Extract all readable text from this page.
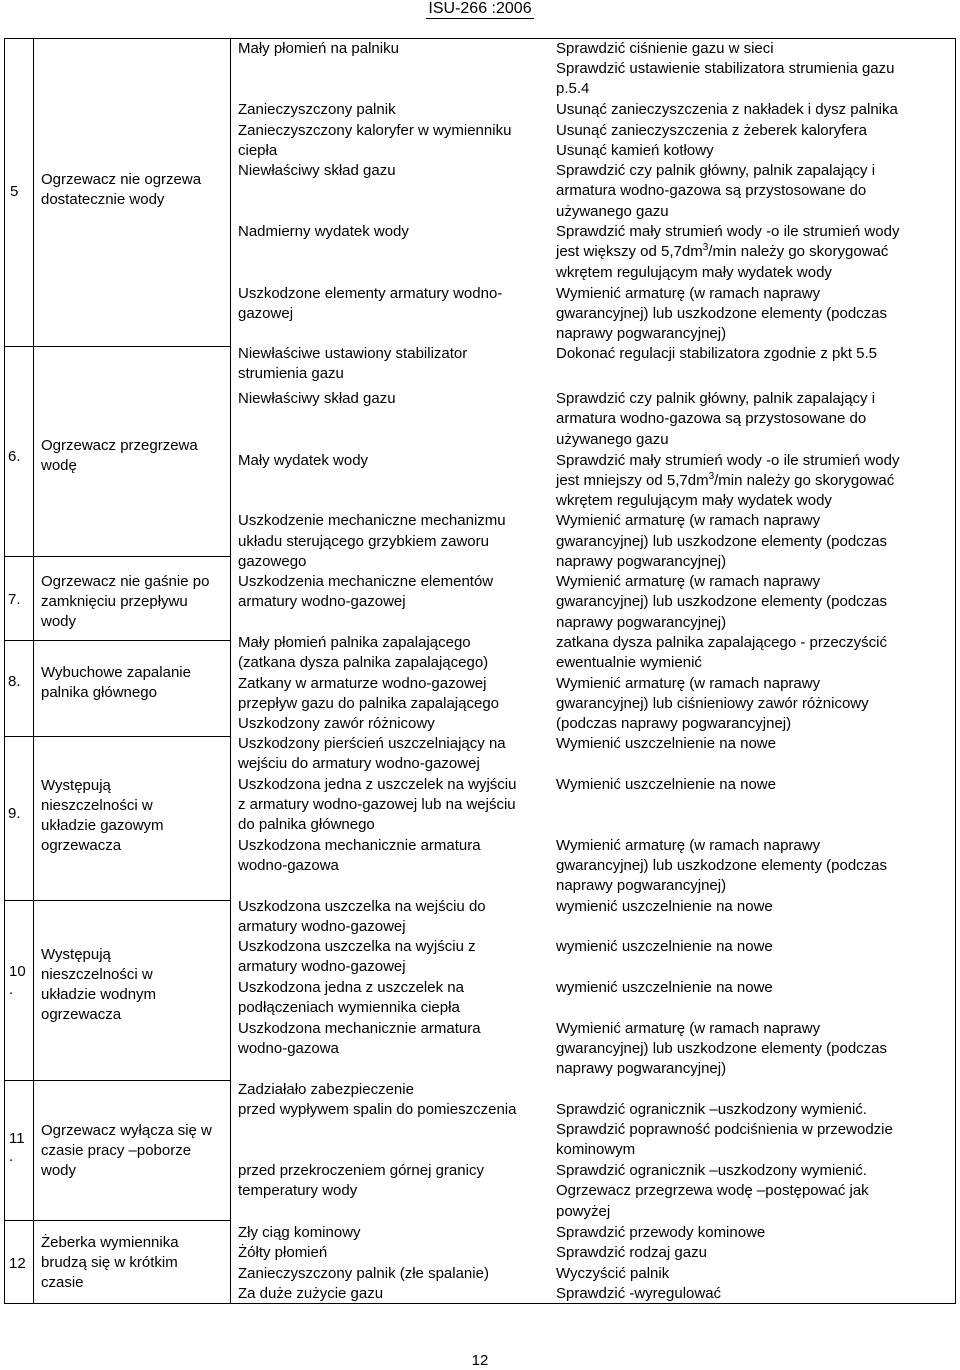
ISU-266 :2006
5
6.
7.
8.
9.
10
.
11
.
12
Ogrzewacz nie ogrzewa dostatecznie wody
Ogrzewacz przegrzewa wodę
Ogrzewacz nie gaśnie po zamknięciu przepływu wody
Wybuchowe zapalanie palnika głównego
Występują nieszczelności w układzie gazowym ogrzewacza
Występują nieszczelności w układzie wodnym ogrzewacza
Ogrzewacz wyłącza się w czasie pracy –poborze wody
Żeberka wymiennika brudzą się w krótkim czasie
Mały płomień na palniku
Zanieczyszczony palnik
Zanieczyszczony kaloryfer w wymienniku
ciepła
Niewłaściwy skład gazu
Nadmierny wydatek wody
Uszkodzone elementy armatury wodno-
gazowej
Niewłaściwe ustawiony stabilizator
strumienia gazu
Niewłaściwy skład gazu
Mały wydatek wody
Uszkodzenie mechaniczne mechanizmu
układu sterującego grzybkiem zaworu
gazowego
Uszkodzenia mechaniczne elementów
armatury wodno-gazowej
Mały płomień palnika zapalającego
(zatkana dysza palnika zapalającego)
Zatkany w armaturze wodno-gazowej
przepływ gazu do palnika zapalającego
Uszkodzony zawór różnicowy
Uszkodzony pierścień uszczelniający na
wejściu do armatury wodno-gazowej
Uszkodzona jedna z uszczelek na wyjściu
z armatury wodno-gazowej lub na wejściu
do palnika głównego
Uszkodzona mechanicznie armatura
wodno-gazowa
Uszkodzona uszczelka na wejściu do
armatury wodno-gazowej
Uszkodzona uszczelka na wyjściu z
armatury wodno-gazowej
Uszkodzona jedna z uszczelek na
podłączeniach wymiennika ciepła
Uszkodzona mechanicznie armatura
wodno-gazowa
Zadziałało zabezpieczenie
przed wypływem spalin do pomieszczenia
przed przekroczeniem górnej granicy
temperatury wody
Zły ciąg kominowy
Żółty płomień
Zanieczyszczony palnik (złe spalanie)
Za duże zużycie gazu
Sprawdzić ciśnienie gazu w sieci
Sprawdzić ustawienie stabilizatora strumienia gazu
p.5.4
Usunąć zanieczyszczenia z nakładek i dysz palnika
Usunąć zanieczyszczenia z żeberek kaloryfera
Usunąć kamień kotłowy
Sprawdzić czy palnik główny, palnik zapalający i
armatura wodno-gazowa są przystosowane do
używanego gazu
Sprawdzić mały strumień wody -o ile strumień wody
jest większy od $5,7dm^3/\min$ należy go skorygować
wkrętem regulującym mały wydatek wody
Wymienić armaturę (w ramach naprawy
gwarancyjnej) lub uszkodzone elementy (podczas
naprawy pogwarancyjnej)
Dokonać regulacji stabilizatora zgodnie z pkt 5.5
Sprawdzić czy palnik główny, palnik zapalający i
armatura wodno-gazowa są przystosowane do
używanego gazu
Sprawdzić mały strumień wody -o ile strumień wody
jest mniejszy od $5,7dm^3/\min$ należy go skorygować
wkrętem regulującym mały wydatek wody
Wymienić armaturę (w ramach naprawy
gwarancyjnej) lub uszkodzone elementy (podczas
naprawy pogwarancyjnej)
Wymienić armaturę (w ramach naprawy
gwarancyjnej) lub uszkodzone elementy (podczas
naprawy pogwarancyjnej)
zatkana dysza palnika zapalającego - przeczyścić
ewentualnie wymienić
Wymienić armaturę (w ramach naprawy
gwarancyjnej) lub ciśnieniowy zawór różnicowy
(podczas naprawy pogwarancyjnej)
Wymienić uszczelnienie na nowe
Wymienić uszczelnienie na nowe
Wymienić armaturę (w ramach naprawy
gwarancyjnej) lub uszkodzone elementy (podczas
naprawy pogwarancyjnej)
wymienić uszczelnienie na nowe
wymienić uszczelnienie na nowe
wymienić uszczelnienie na nowe
Wymienić armaturę (w ramach naprawy
gwarancyjnej) lub uszkodzone elementy (podczas
naprawy pogwarancyjnej)
Sprawdzić ogranicznik –uszkodzony wymienić.
Sprawdzić poprawność podciśnienia w przewodzie
kominowym
Sprawdzić ogranicznik –uszkodzony wymienić.
Ogrzewacz przegrzewa wodę –postępować jak
powyżej
Sprawdzić przewody kominowe
Sprawdzić rodzaj gazu
Wyczyścić palnik
Sprawdzić -wyregulować
12
